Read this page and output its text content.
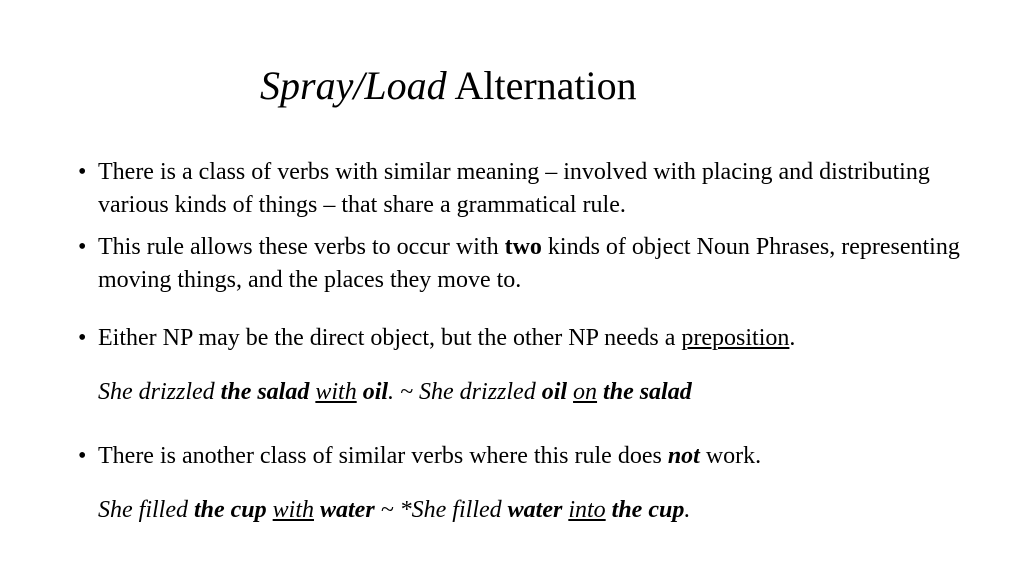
Spray/Load Alternation
• There is a class of verbs with similar meaning – involved with placing and distributing various kinds of things – that share a grammatical rule.
• This rule allows these verbs to occur with two kinds of object Noun Phrases, representing moving things, and the places they move to.
• Either NP may be the direct object, but the other NP needs a preposition.
She drizzled the salad with oil. ~ She drizzled oil on the salad
• There is another class of similar verbs where this rule does not work.
She filled the cup with water ~ *She filled water into the cup.
